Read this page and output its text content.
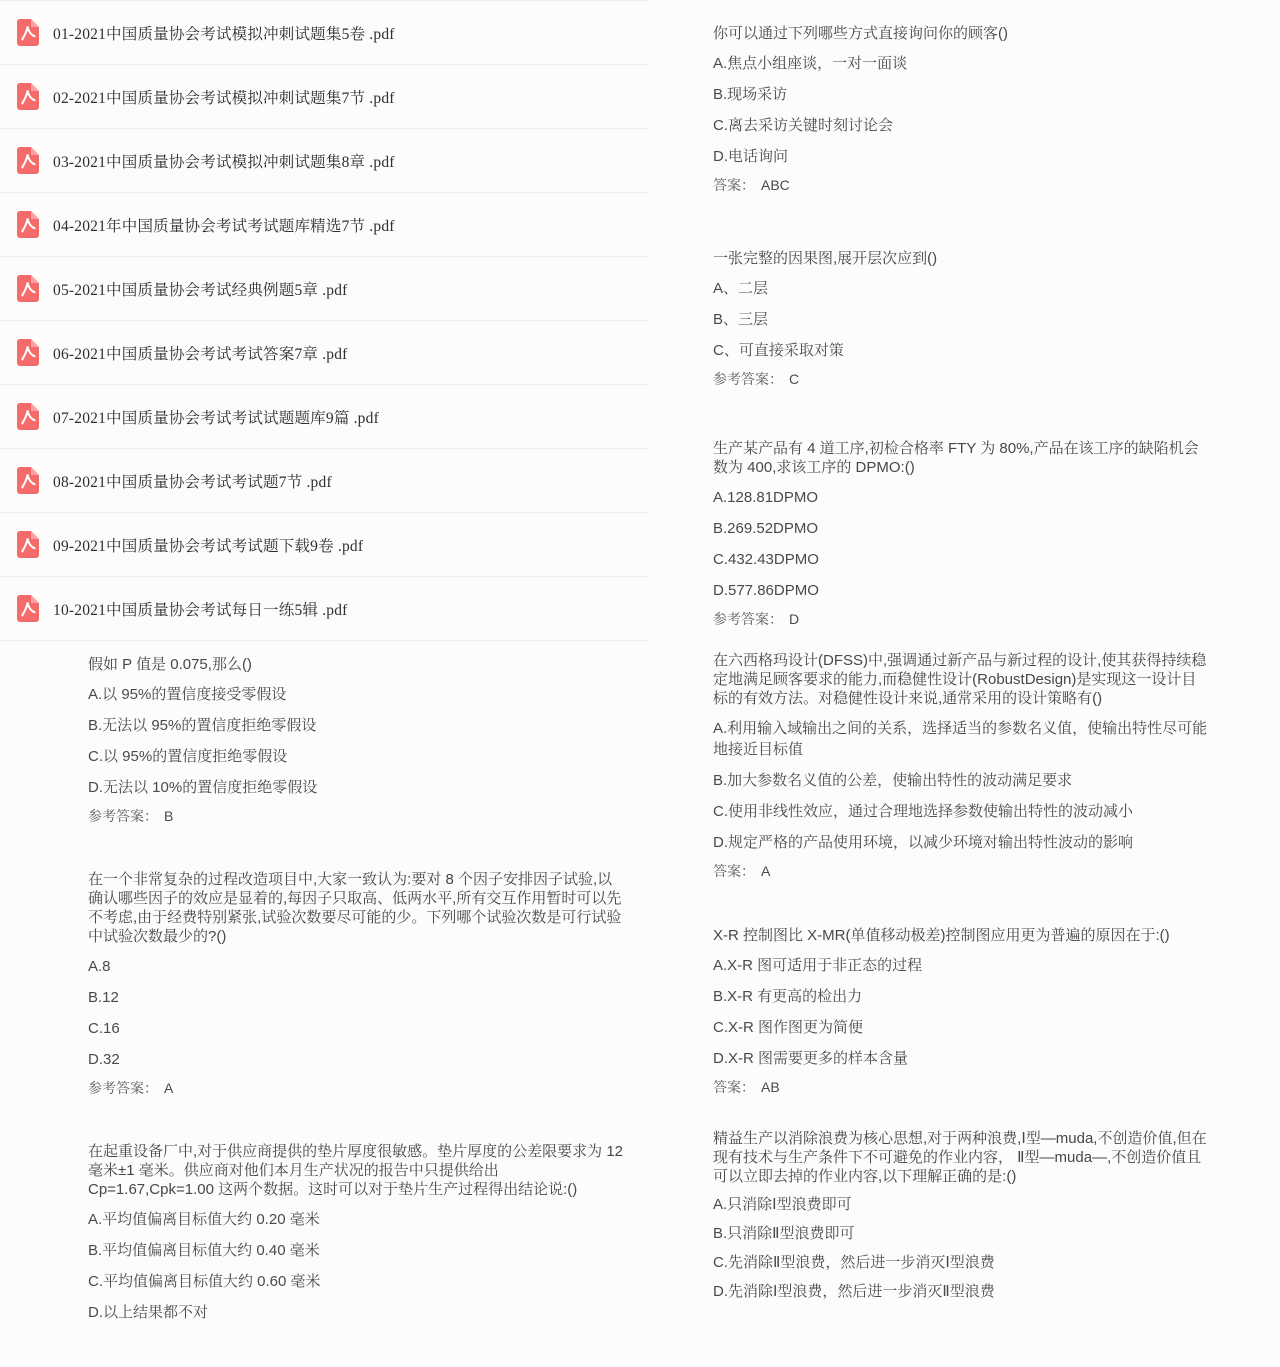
01-2021中国质量协会考试模拟冲刺试题集5卷 .pdf
02-2021中国质量协会考试模拟冲刺试题集7节 .pdf
03-2021中国质量协会考试模拟冲刺试题集8章 .pdf
04-2021年中国质量协会考试考试题库精选7节 .pdf
05-2021中国质量协会考试经典例题5章 .pdf
06-2021中国质量协会考试考试答案7章 .pdf
07-2021中国质量协会考试考试试题题库9篇 .pdf
08-2021中国质量协会考试考试题7节 .pdf
09-2021中国质量协会考试考试题下载9卷 .pdf
10-2021中国质量协会考试每日一练5辑 .pdf
假如 P 值是 0.075,那么()
A.以 95%的置信度接受零假设
B.无法以 95%的置信度拒绝零假设
C.以 95%的置信度拒绝零假设
D.无法以 10%的置信度拒绝零假设
参考答案： B
在一个非常复杂的过程改造项目中,大家一致认为:要对 8 个因子安排因子试验,以确认哪些因子的效应是显着的,每因子只取高、低两水平,所有交互作用暂时可以先不考虑,由于经费特别紧张,试验次数要尽可能的少。下列哪个试验次数是可行试验中试验次数最少的?()
A.8
B.12
C.16
D.32
参考答案： A
在起重设备厂中,对于供应商提供的垫片厚度很敏感。垫片厚度的公差限要求为 12 毫米±1 毫米。供应商对他们本月生产状况的报告中只提供给出 Cp=1.67,Cpk=1.00 这两个数据。这时可以对于垫片生产过程得出结论说:()
A.平均值偏离目标值大约 0.20 毫米
B.平均值偏离目标值大约 0.40 毫米
C.平均值偏离目标值大约 0.60 毫米
D.以上结果都不对
你可以通过下列哪些方式直接询问你的顾客()
A.焦点小组座谈，一对一面谈
B.现场采访
C.离去采访关键时刻讨论会
D.电话询问
答案： ABC
一张完整的因果图,展开层次应到()
A、二层
B、三层
C、可直接采取对策
参考答案： C
生产某产品有 4 道工序,初检合格率 FTY 为 80%,产品在该工序的缺陷机会数为 400,求该工序的 DPMO:()
A.128.81DPMO
B.269.52DPMO
C.432.43DPMO
D.577.86DPMO
参考答案： D
在六西格玛设计(DFSS)中,强调通过新产品与新过程的设计,使其获得持续稳定地满足顾客要求的能力,而稳健性设计(RobustDesign)是实现这一设计目标的有效方法。对稳健性设计来说,通常采用的设计策略有()
A.利用输入域输出之间的关系，选择适当的参数名义值，使输出特性尽可能地接近目标值
B.加大参数名义值的公差，使输出特性的波动满足要求
C.使用非线性效应，通过合理地选择参数使输出特性的波动减小
D.规定严格的产品使用环境，以减少环境对输出特性波动的影响
答案： A
X-R 控制图比 X-MR(单值移动极差)控制图应用更为普遍的原因在于:()
A.X-R 图可适用于非正态的过程
B.X-R 有更高的检出力
C.X-R 图作图更为简便
D.X-R 图需要更多的样本含量
答案： AB
精益生产以消除浪费为核心思想,对于两种浪费,Ⅰ型—muda,不创造价值,但在现有技术与生产条件下不可避免的作业内容， Ⅱ型—muda—,不创造价值且可以立即去掉的作业内容,以下理解正确的是:()
A.只消除Ⅰ型浪费即可
B.只消除Ⅱ型浪费即可
C.先消除Ⅱ型浪费，然后进一步消灭Ⅰ型浪费
D.先消除Ⅰ型浪费，然后进一步消灭Ⅱ型浪费
